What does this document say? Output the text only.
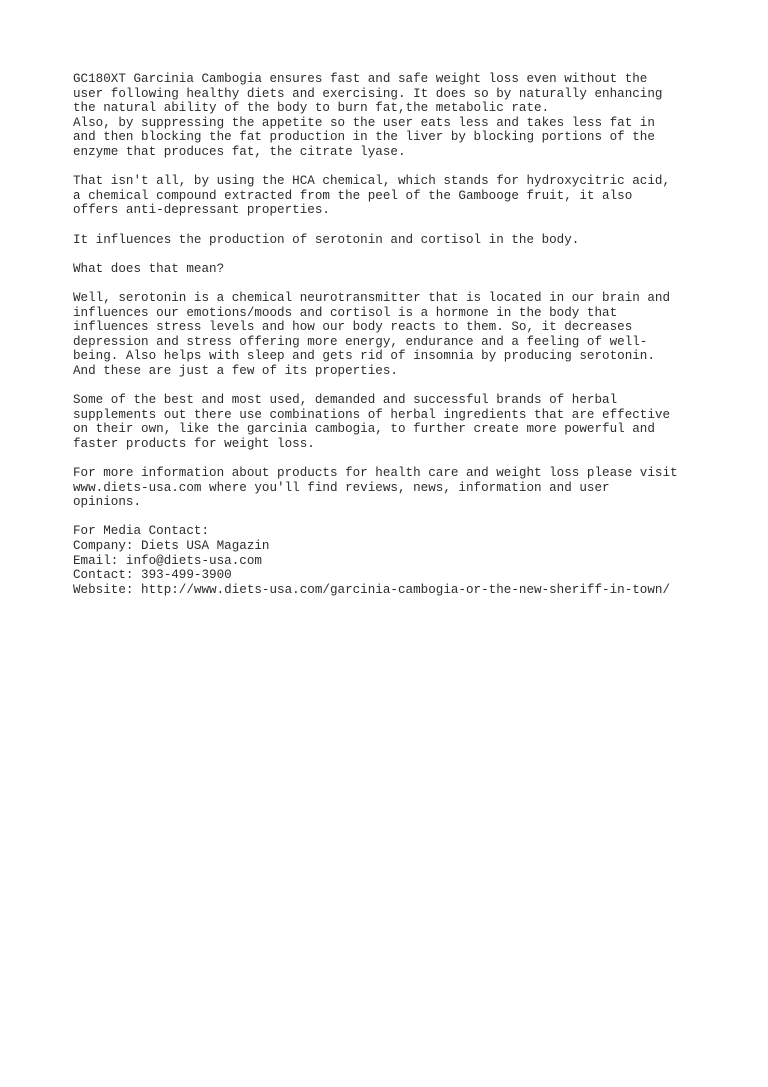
GC180XT Garcinia Cambogia ensures fast and safe weight loss even without the
user following healthy diets and exercising. It does so by naturally enhancing
the natural ability of the body to burn fat,the metabolic rate.
Also, by suppressing the appetite so the user eats less and takes less fat in
and then blocking the fat production in the liver by blocking portions of the
enzyme that produces fat, the citrate lyase.

That isn't all, by using the HCA chemical, which stands for hydroxycitric acid,
a chemical compound extracted from the peel of the Gambooge fruit, it also
offers anti-depressant properties.

It influences the production of serotonin and cortisol in the body.

What does that mean?

Well, serotonin is a chemical neurotransmitter that is located in our brain and
influences our emotions/moods and cortisol is a hormone in the body that
influences stress levels and how our body reacts to them. So, it decreases
depression and stress offering more energy, endurance and a feeling of well-
being. Also helps with sleep and gets rid of insomnia by producing serotonin.
And these are just a few of its properties.

Some of the best and most used, demanded and successful brands of herbal
supplements out there use combinations of herbal ingredients that are effective
on their own, like the garcinia cambogia, to further create more powerful and
faster products for weight loss.

For more information about products for health care and weight loss please visit
www.diets-usa.com where you'll find reviews, news, information and user
opinions.

For Media Contact:
Company: Diets USA Magazin
Email: info@diets-usa.com
Contact: 393-499-3900
Website: http://www.diets-usa.com/garcinia-cambogia-or-the-new-sheriff-in-town/
